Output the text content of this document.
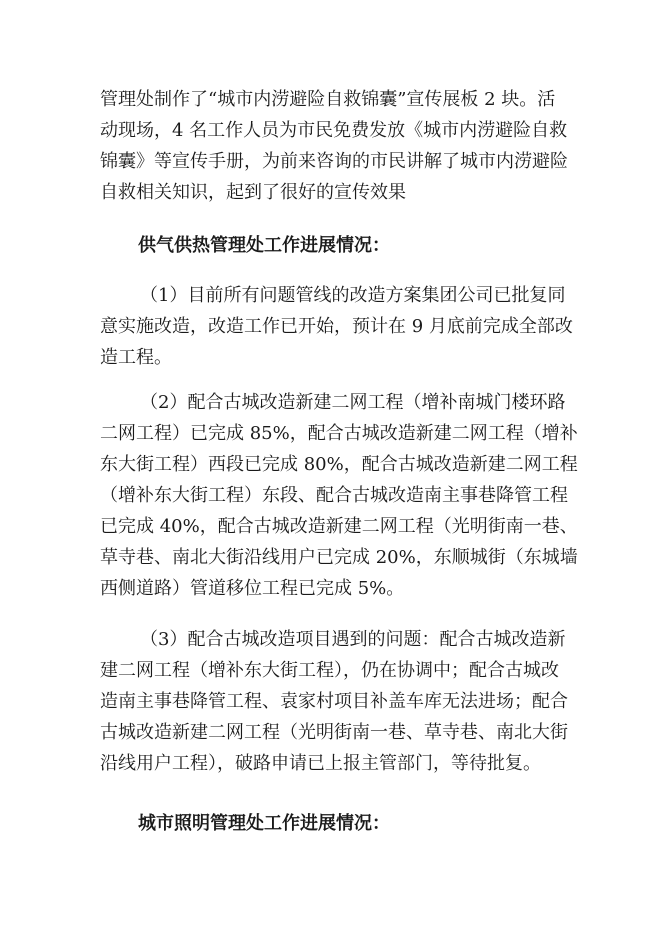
管理处制作了“城市内涝避险自救锦囊”宣传展板 2 块。活
动现场，4 名工作人员为市民免费发放《城市内涝避险自救
锦囊》等宣传手册，为前来咨询的市民讲解了城市内涝避险
自救相关知识，起到了很好的宣传效果
供气供热管理处工作进展情况：
（1）目前所有问题管线的改造方案集团公司已批复同
意实施改造，改造工作已开始，预计在 9 月底前完成全部改
造工程。
（2）配合古城改造新建二网工程（增补南城门楼环路
二网工程）已完成 85%，配合古城改造新建二网工程（增补
东大街工程）西段已完成 80%，配合古城改造新建二网工程
（增补东大街工程）东段、配合古城改造南主事巷降管工程
已完成 40%，配合古城改造新建二网工程（光明街南一巷、
草寺巷、南北大街沿线用户已完成 20%，东顺城街（东城墙
西侧道路）管道移位工程已完成 5%。
（3）配合古城改造项目遇到的问题：配合古城改造新
建二网工程（增补东大街工程），仍在协调中；配合古城改
造南主事巷降管工程、袁家村项目补盖车库无法进场；配合
古城改造新建二网工程（光明街南一巷、草寺巷、南北大街
沿线用户工程），破路申请已上报主管部门，等待批复。
城市照明管理处工作进展情况：
